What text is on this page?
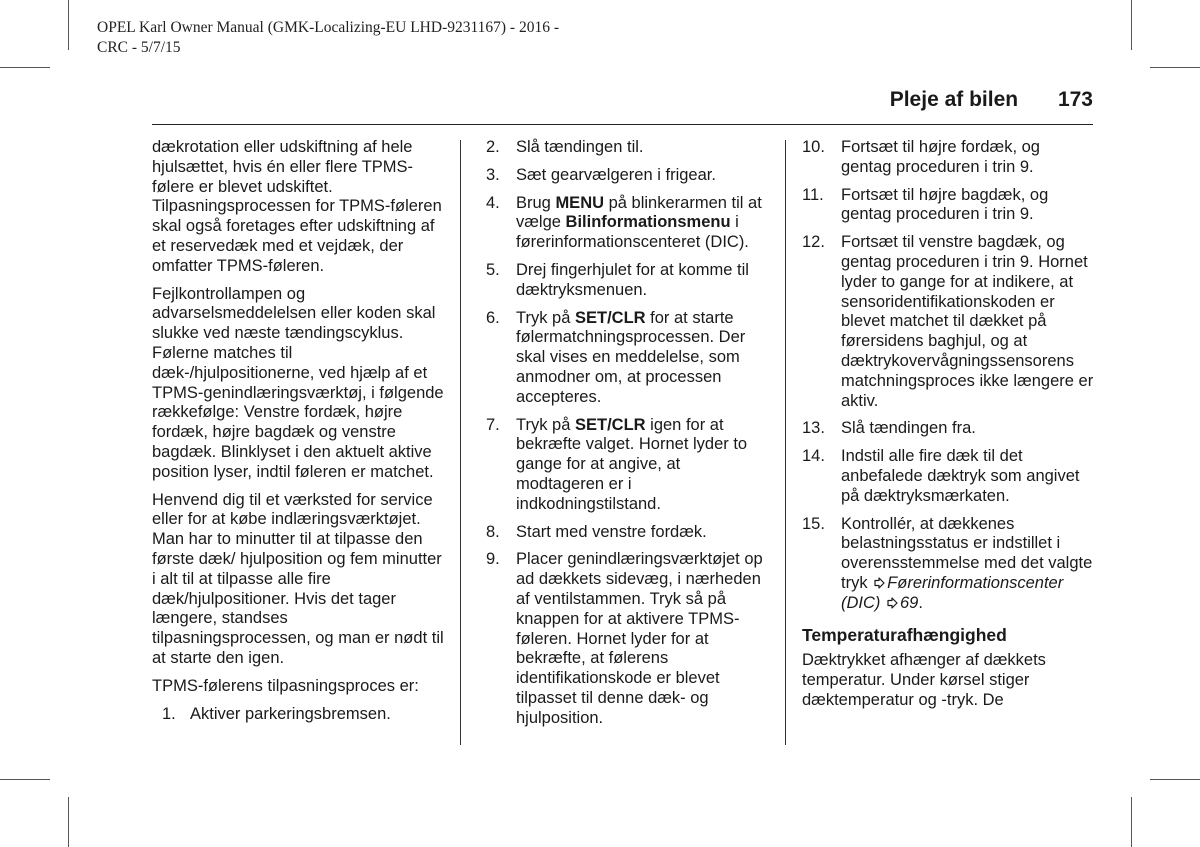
OPEL Karl Owner Manual (GMK-Localizing-EU LHD-9231167) - 2016 -
CRC - 5/7/15
Pleje af bilen 173

dækrotation eller udskiftning af hele hjulsættet, hvis én eller flere TPMS-følere er blevet udskiftet. Tilpasningsprocessen for TPMS-føleren skal også foretages efter udskiftning af et reservedæk med et vejdæk, der omfatter TPMS-føleren.

Fejlkontrollampen og advarselsmeddelelsen eller koden skal slukke ved næste tændingscyklus. Følerne matches til dæk-/hjulpositionerne, ved hjælp af et TPMS-genindlæringsværktøj, i følgende rækkefølge: Venstre fordæk, højre fordæk, højre bagdæk og venstre bagdæk. Blinklyset i den aktuelt aktive position lyser, indtil føleren er matchet.

Henvend dig til et værksted for service eller for at købe indlæringsværktøjet. Man har to minutter til at tilpasse den første dæk/ hjulposition og fem minutter i alt til at tilpasse alle fire dæk/hjulpositioner. Hvis det tager længere, standses tilpasningsprocessen, og man er nødt til at starte den igen.

TPMS-følerens tilpasningsproces er:

1. Aktiver parkeringsbremsen.
2. Slå tændingen til.
3. Sæt gearvælgeren i frigear.
4. Brug MENU på blinkerarmen til at vælge Bilinformationsmenu i førerinformationscenteret (DIC).
5. Drej fingerhjulet for at komme til dæktryksmenuen.
6. Tryk på SET/CLR for at starte følermatchningsprocessen. Der skal vises en meddelelse, som anmodner om, at processen accepteres.
7. Tryk på SET/CLR igen for at bekræfte valget. Hornet lyder to gange for at angive, at modtageren er i indkodningstilstand.
8. Start med venstre fordæk.
9. Placer genindlæringsværktøjet op ad dækkets sidevæg, i nærheden af ventilstammen. Tryk så på knappen for at aktivere TPMS-føleren. Hornet lyder for at bekræfte, at følerens identifikationskode er blevet tilpasset til denne dæk- og hjulposition.
10. Fortsæt til højre fordæk, og gentag proceduren i trin 9.
11. Fortsæt til højre bagdæk, og gentag proceduren i trin 9.
12. Fortsæt til venstre bagdæk, og gentag proceduren i trin 9. Hornet lyder to gange for at indikere, at sensoridentifikationskoden er blevet matchet til dækket på førersidens baghjul, og at dæktrykovervågningssensorens matchningsproces ikke længere er aktiv.
13. Slå tændingen fra.
14. Indstil alle fire dæk til det anbefalede dæktryk som angivet på dæktryksmærkaten.
15. Kontrollér, at dækkenes belastningsstatus er indstillet i overensstemmelse med det valgte tryk
Førerinformationscenter (DIC) 69.
Temperaturafhængighed

Dæktrykket afhænger af dækkets temperatur. Under kørsel stiger dæktemperatur og -tryk. De
